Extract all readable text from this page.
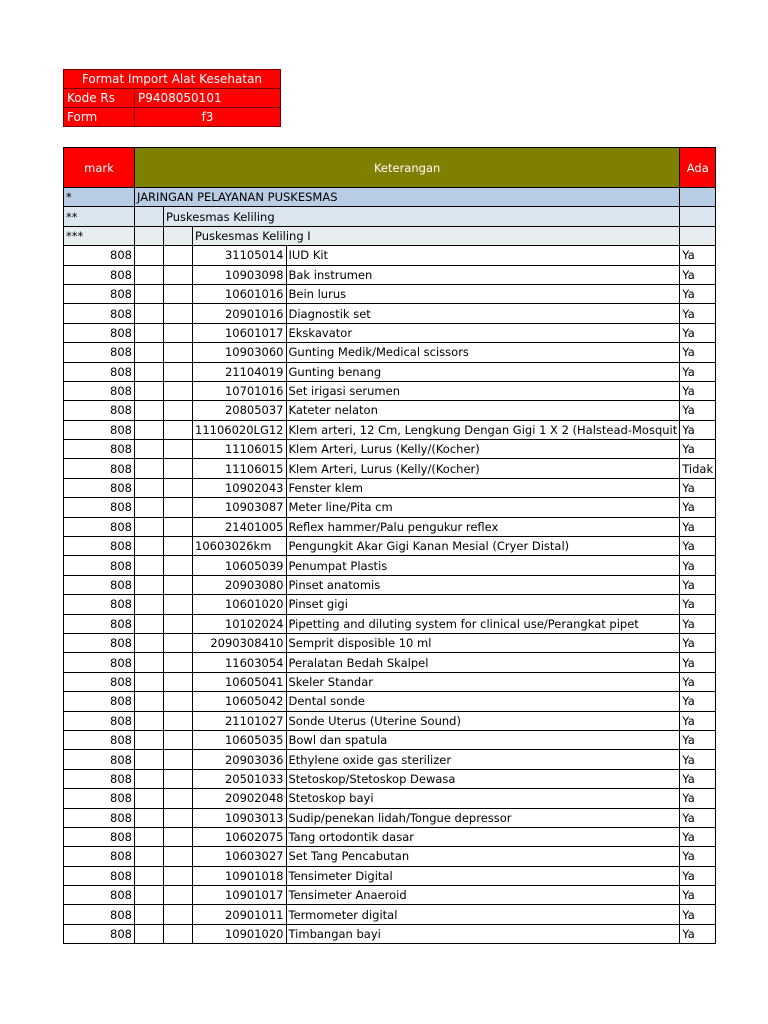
Format Import Alat Kesehatan	
Kode Rs	P9408050101
Form	f3
mark	Keterangan				Ada
*	JARINGAN PELAYANAN PUSKESMAS				
**		Puskesmas Keliling			
***			Puskesmas Keliling I		
808			31105014	IUD Kit	Ya
808			10903098	Bak instrumen	Ya
808			10601016	Bein lurus	Ya
808			20901016	Diagnostik set	Ya
808			10601017	Ekskavator	Ya
808			10903060	Gunting Medik/Medical scissors	Ya
808			21104019	Gunting benang	Ya
808			10701016	Set irigasi serumen	Ya
808			20805037	Kateter nelaton	Ya
808			11106020LG12	Klem arteri, 12 Cm, Lengkung Dengan Gigi 1 X 2 (Halstead-Mosquit	Ya
808			11106015	Klem Arteri, Lurus (Kelly/(Kocher)	Ya
808			11106015	Klem Arteri, Lurus (Kelly/(Kocher)	Tidak
808			10902043	Fenster klem	Ya
808			10903087	Meter line/Pita cm	Ya
808			21401005	Reflex hammer/Palu pengukur reflex	Ya
808			10603026km	Pengungkit Akar Gigi Kanan Mesial (Cryer Distal)	Ya
808			10605039	Penumpat Plastis	Ya
808			20903080	Pinset anatomis	Ya
808			10601020	Pinset gigi	Ya
808			10102024	Pipetting and diluting system for clinical use/Perangkat pipet	Ya
808			2090308410	Semprit disposible 10 ml	Ya
808			11603054	Peralatan Bedah Skalpel	Ya
808			10605041	Skeler Standar	Ya
808			10605042	Dental sonde	Ya
808			21101027	Sonde Uterus (Uterine Sound)	Ya
808			10605035	Bowl dan spatula	Ya
808			20903036	Ethylene oxide gas sterilizer	Ya
808			20501033	Stetoskop/Stetoskop Dewasa	Ya
808			20902048	Stetoskop bayi	Ya
808			10903013	Sudip/penekan lidah/Tongue depressor	Ya
808			10602075	Tang ortodontik dasar	Ya
808			10603027	Set Tang Pencabutan	Ya
808			10901018	Tensimeter Digital	Ya
808			10901017	Tensimeter Anaeroid	Ya
808			20901011	Termometer digital	Ya
808			10901020	Timbangan bayi	Ya
